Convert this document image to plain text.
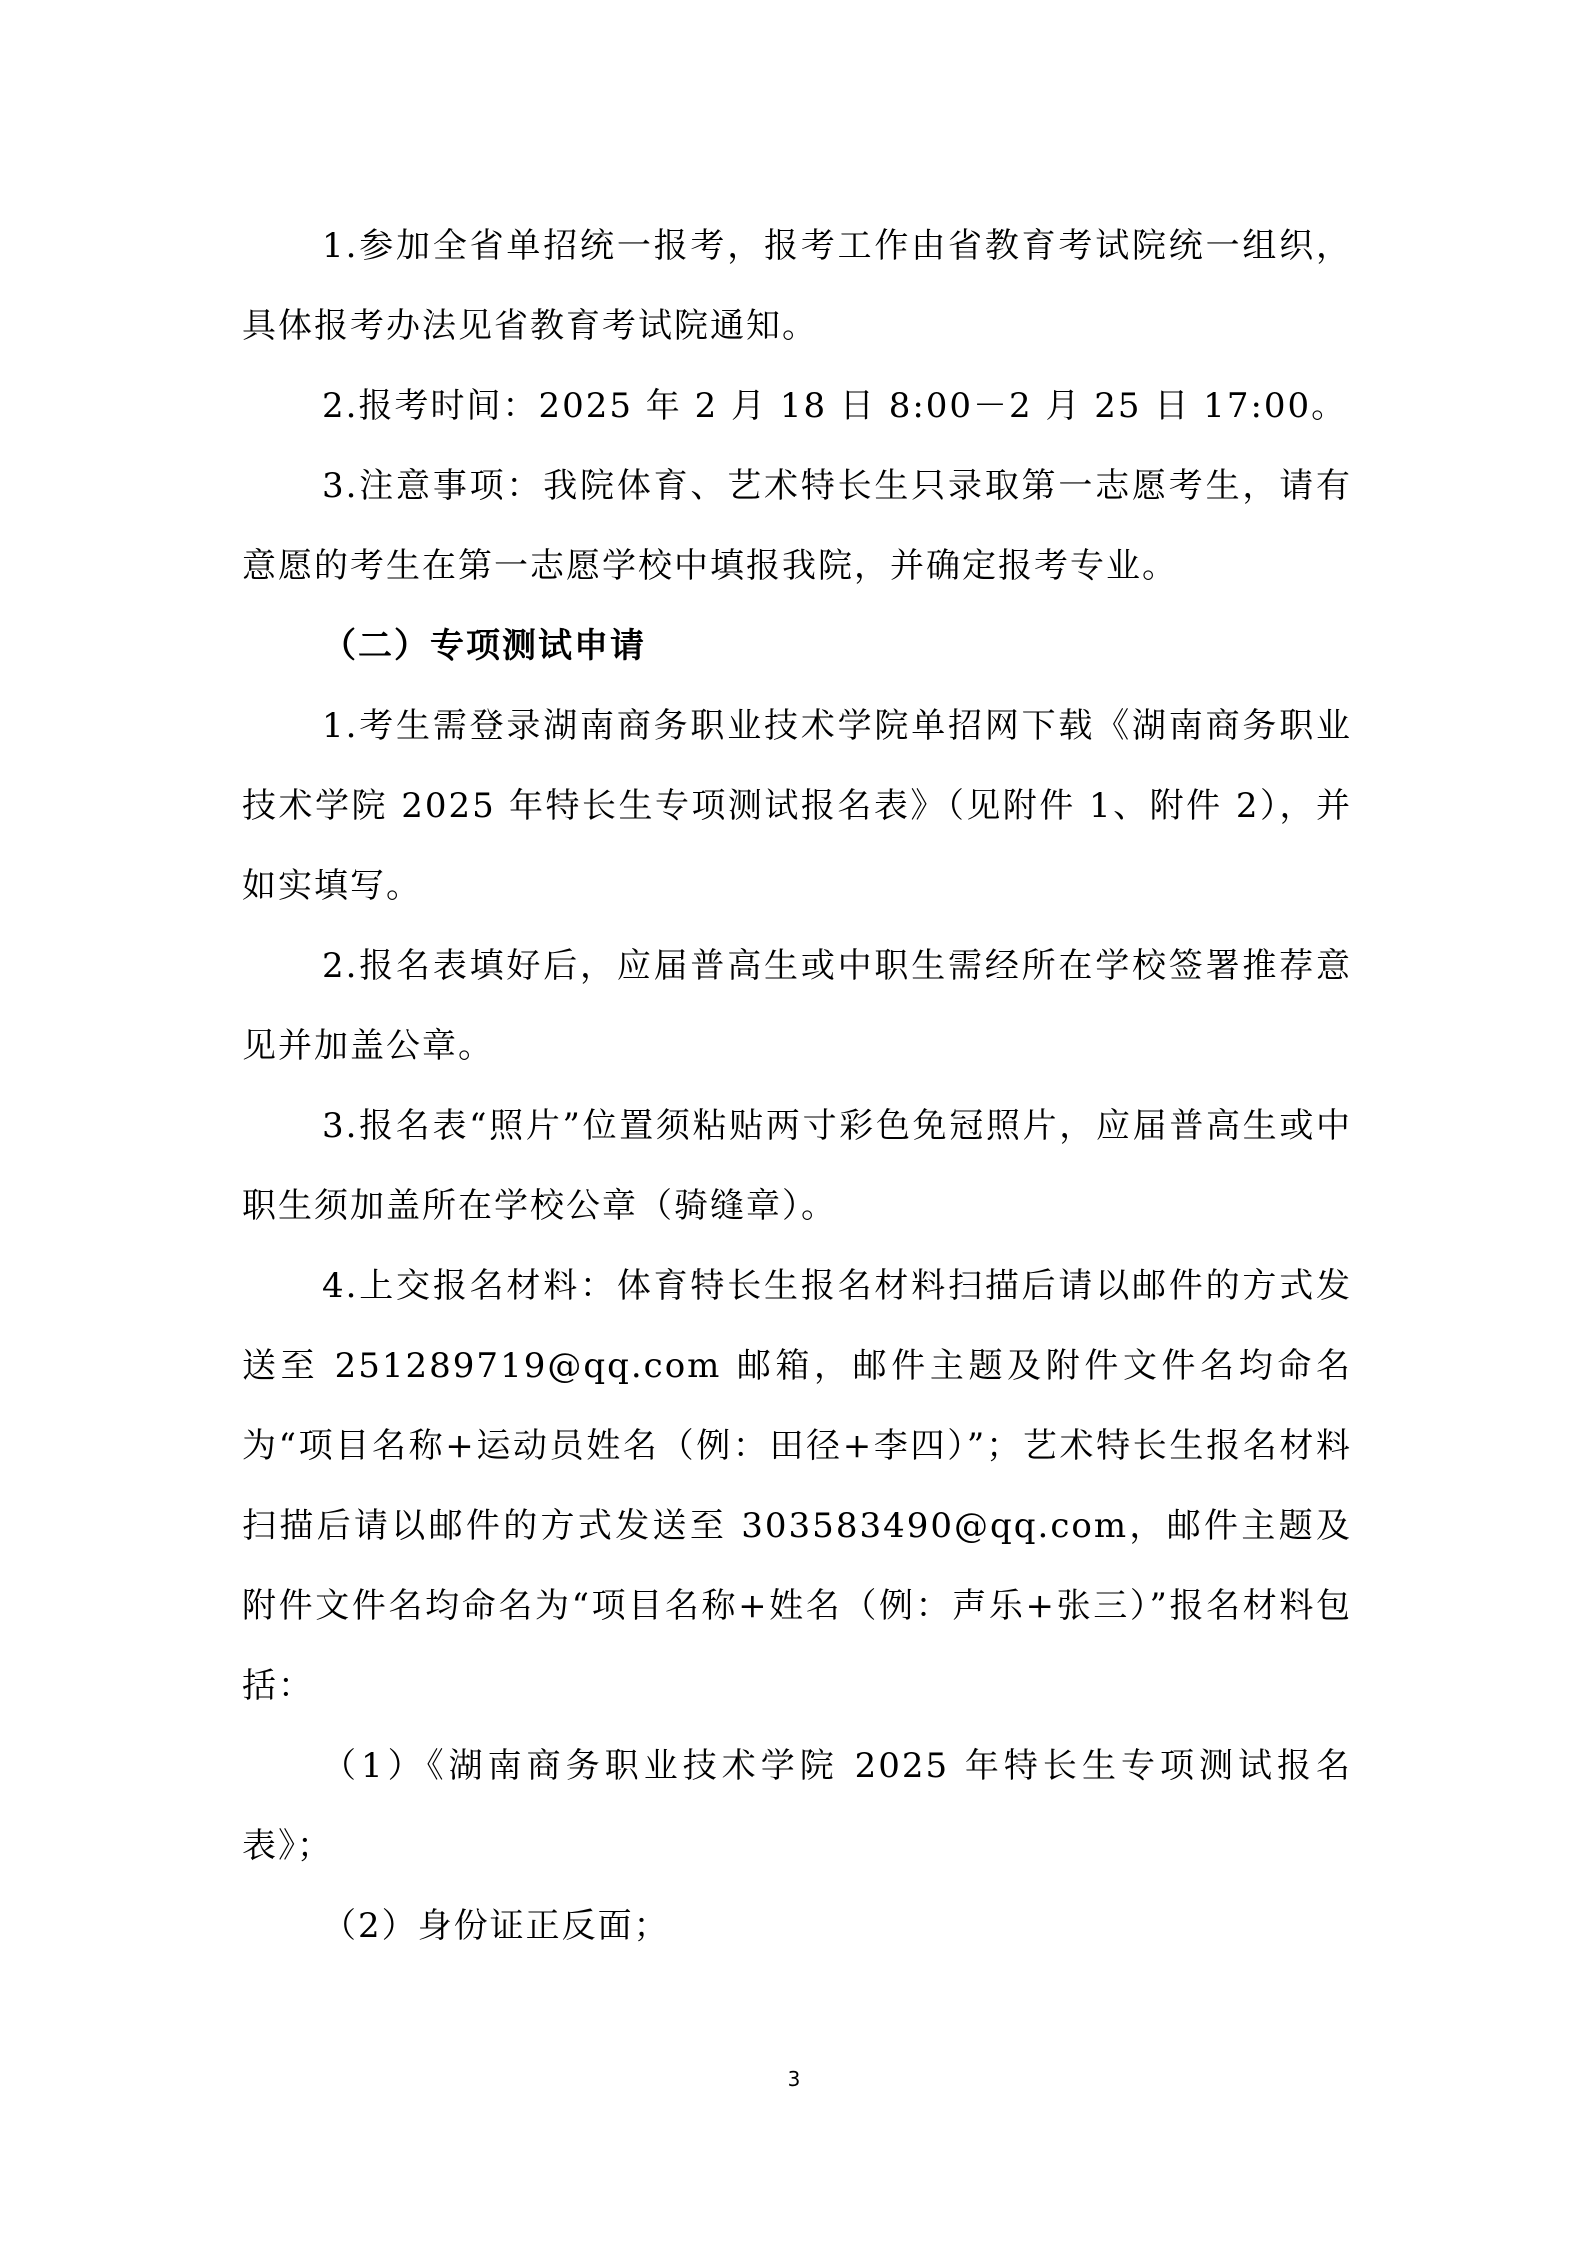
1.参加全省单招统一报考，报考工作由省教育考试院统一组织，具体报考办法见省教育考试院通知。

2.报考时间：2025 年 2 月 18 日 8:00－2 月 25 日 17:00。

3.注意事项：我院体育、艺术特长生只录取第一志愿考生，请有意愿的考生在第一志愿学校中填报我院，并确定报考专业。

（二）专项测试申请

1.考生需登录湖南商务职业技术学院单招网下载《湖南商务职业技术学院 2025 年特长生专项测试报名表》（见附件 1、附件 2），并如实填写。

2.报名表填好后，应届普高生或中职生需经所在学校签署推荐意见并加盖公章。

3.报名表“照片”位置须粘贴两寸彩色免冠照片，应届普高生或中职生须加盖所在学校公章（骑缝章）。

4.上交报名材料：体育特长生报名材料扫描后请以邮件的方式发送至 251289719@qq.com 邮箱，邮件主题及附件文件名均命名为“项目名称+运动员姓名（例：田径+李四）”；艺术特长生报名材料扫描后请以邮件的方式发送至 303583490@qq.com，邮件主题及附件文件名均命名为“项目名称+姓名（例：声乐+张三）”报名材料包括：

（1）《湖南商务职业技术学院 2025 年特长生专项测试报名表》；

（2）身份证正反面；

3
